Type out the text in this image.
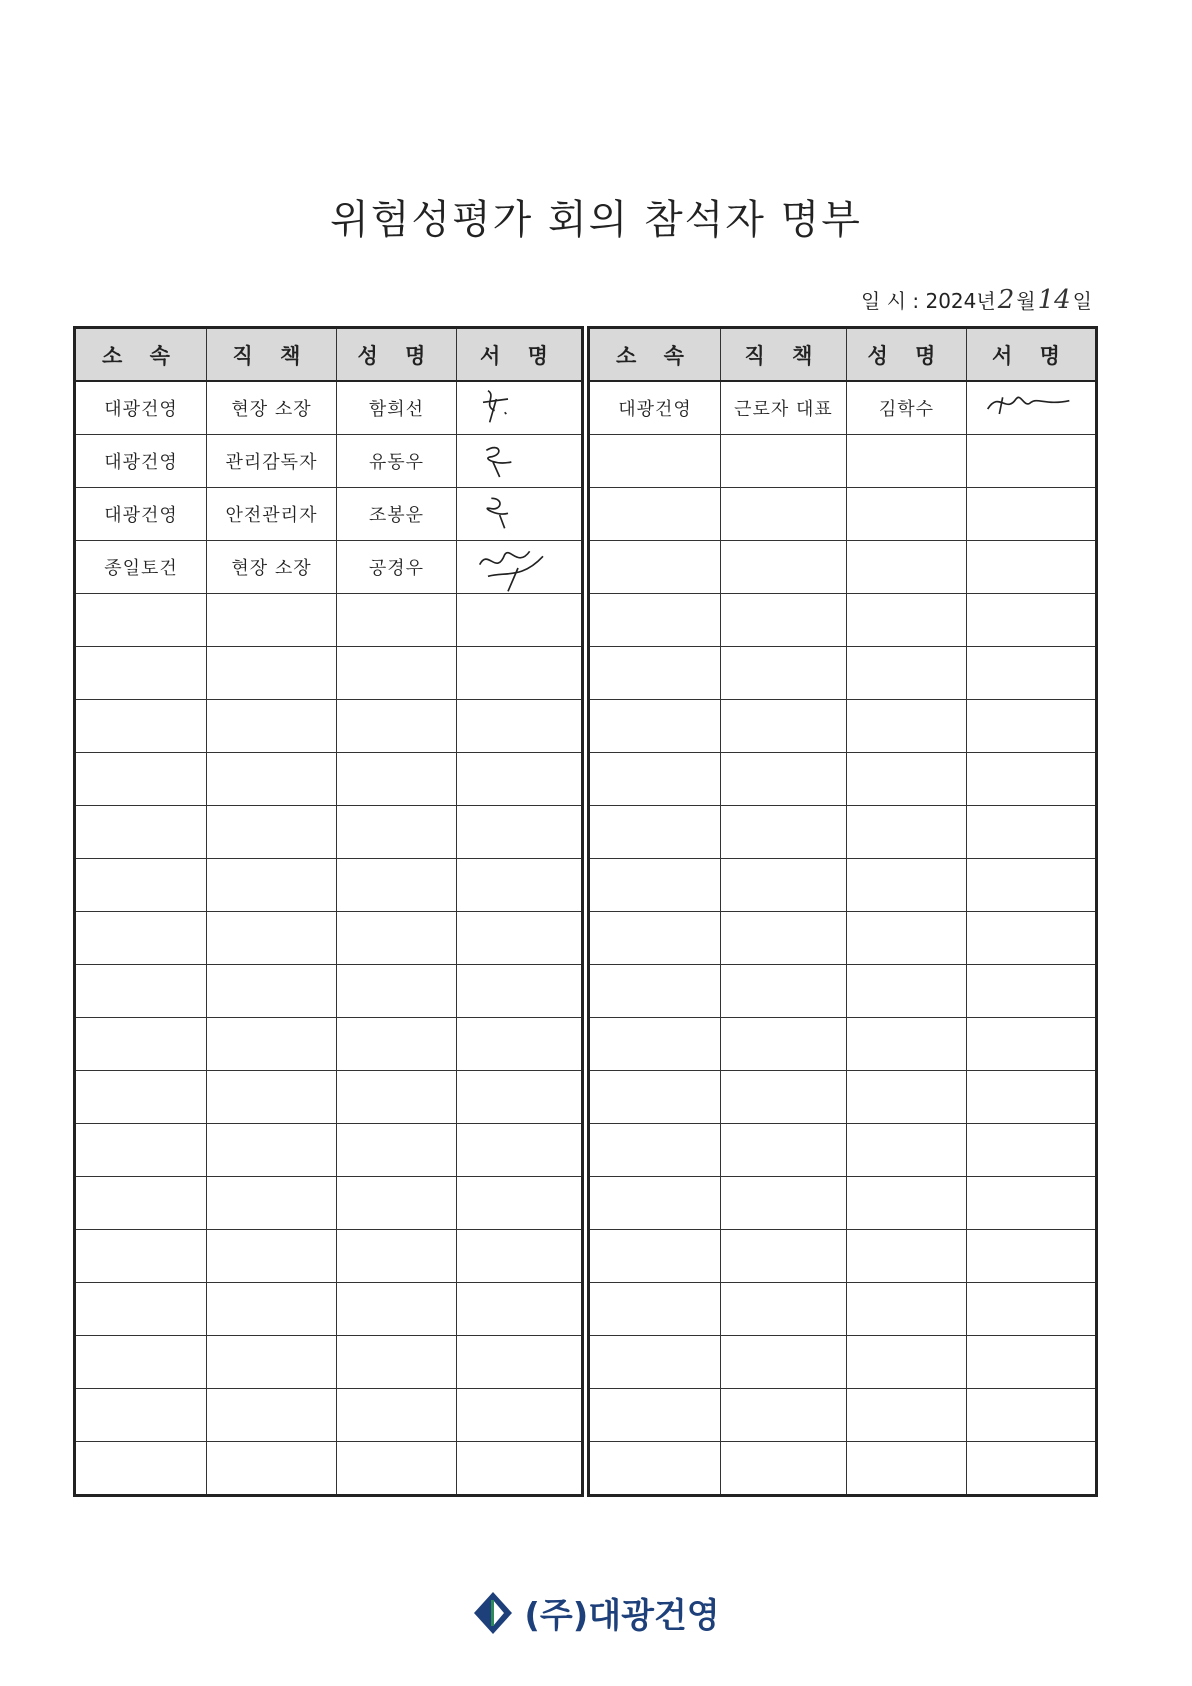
위험성평가 회의 참석자 명부
일 시 : 2024년2 월14 일
소 속	직 책	성 명	서 명
대광건영	현장 소장	함희선	

대광건영	관리감독자	유동우	

대광건영	안전관리자	조봉운	

종일토건	현장 소장	공경우	

소 속	직 책	성 명	서 명
대광건영	근로자 대표	김학수	

(주)대광건영
